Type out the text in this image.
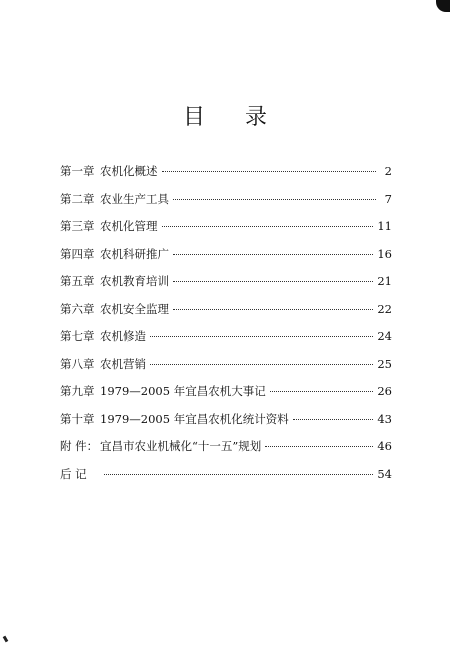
目 录
第一章 农机化概述	2
第二章 农业生产工具	7
第三章 农机化管理	11
第四章 农机科研推广	16
第五章 农机教育培训	21
第六章 农机安全监理	22
第七章 农机修造	24
第八章 农机营销	25
第九章 1979—2005 年宜昌农机大事记	26
第十章 1979—2005 年宜昌农机化统计资料	43
附 件： 宜昌市农业机械化“十一五”规划	46
后 记	54
